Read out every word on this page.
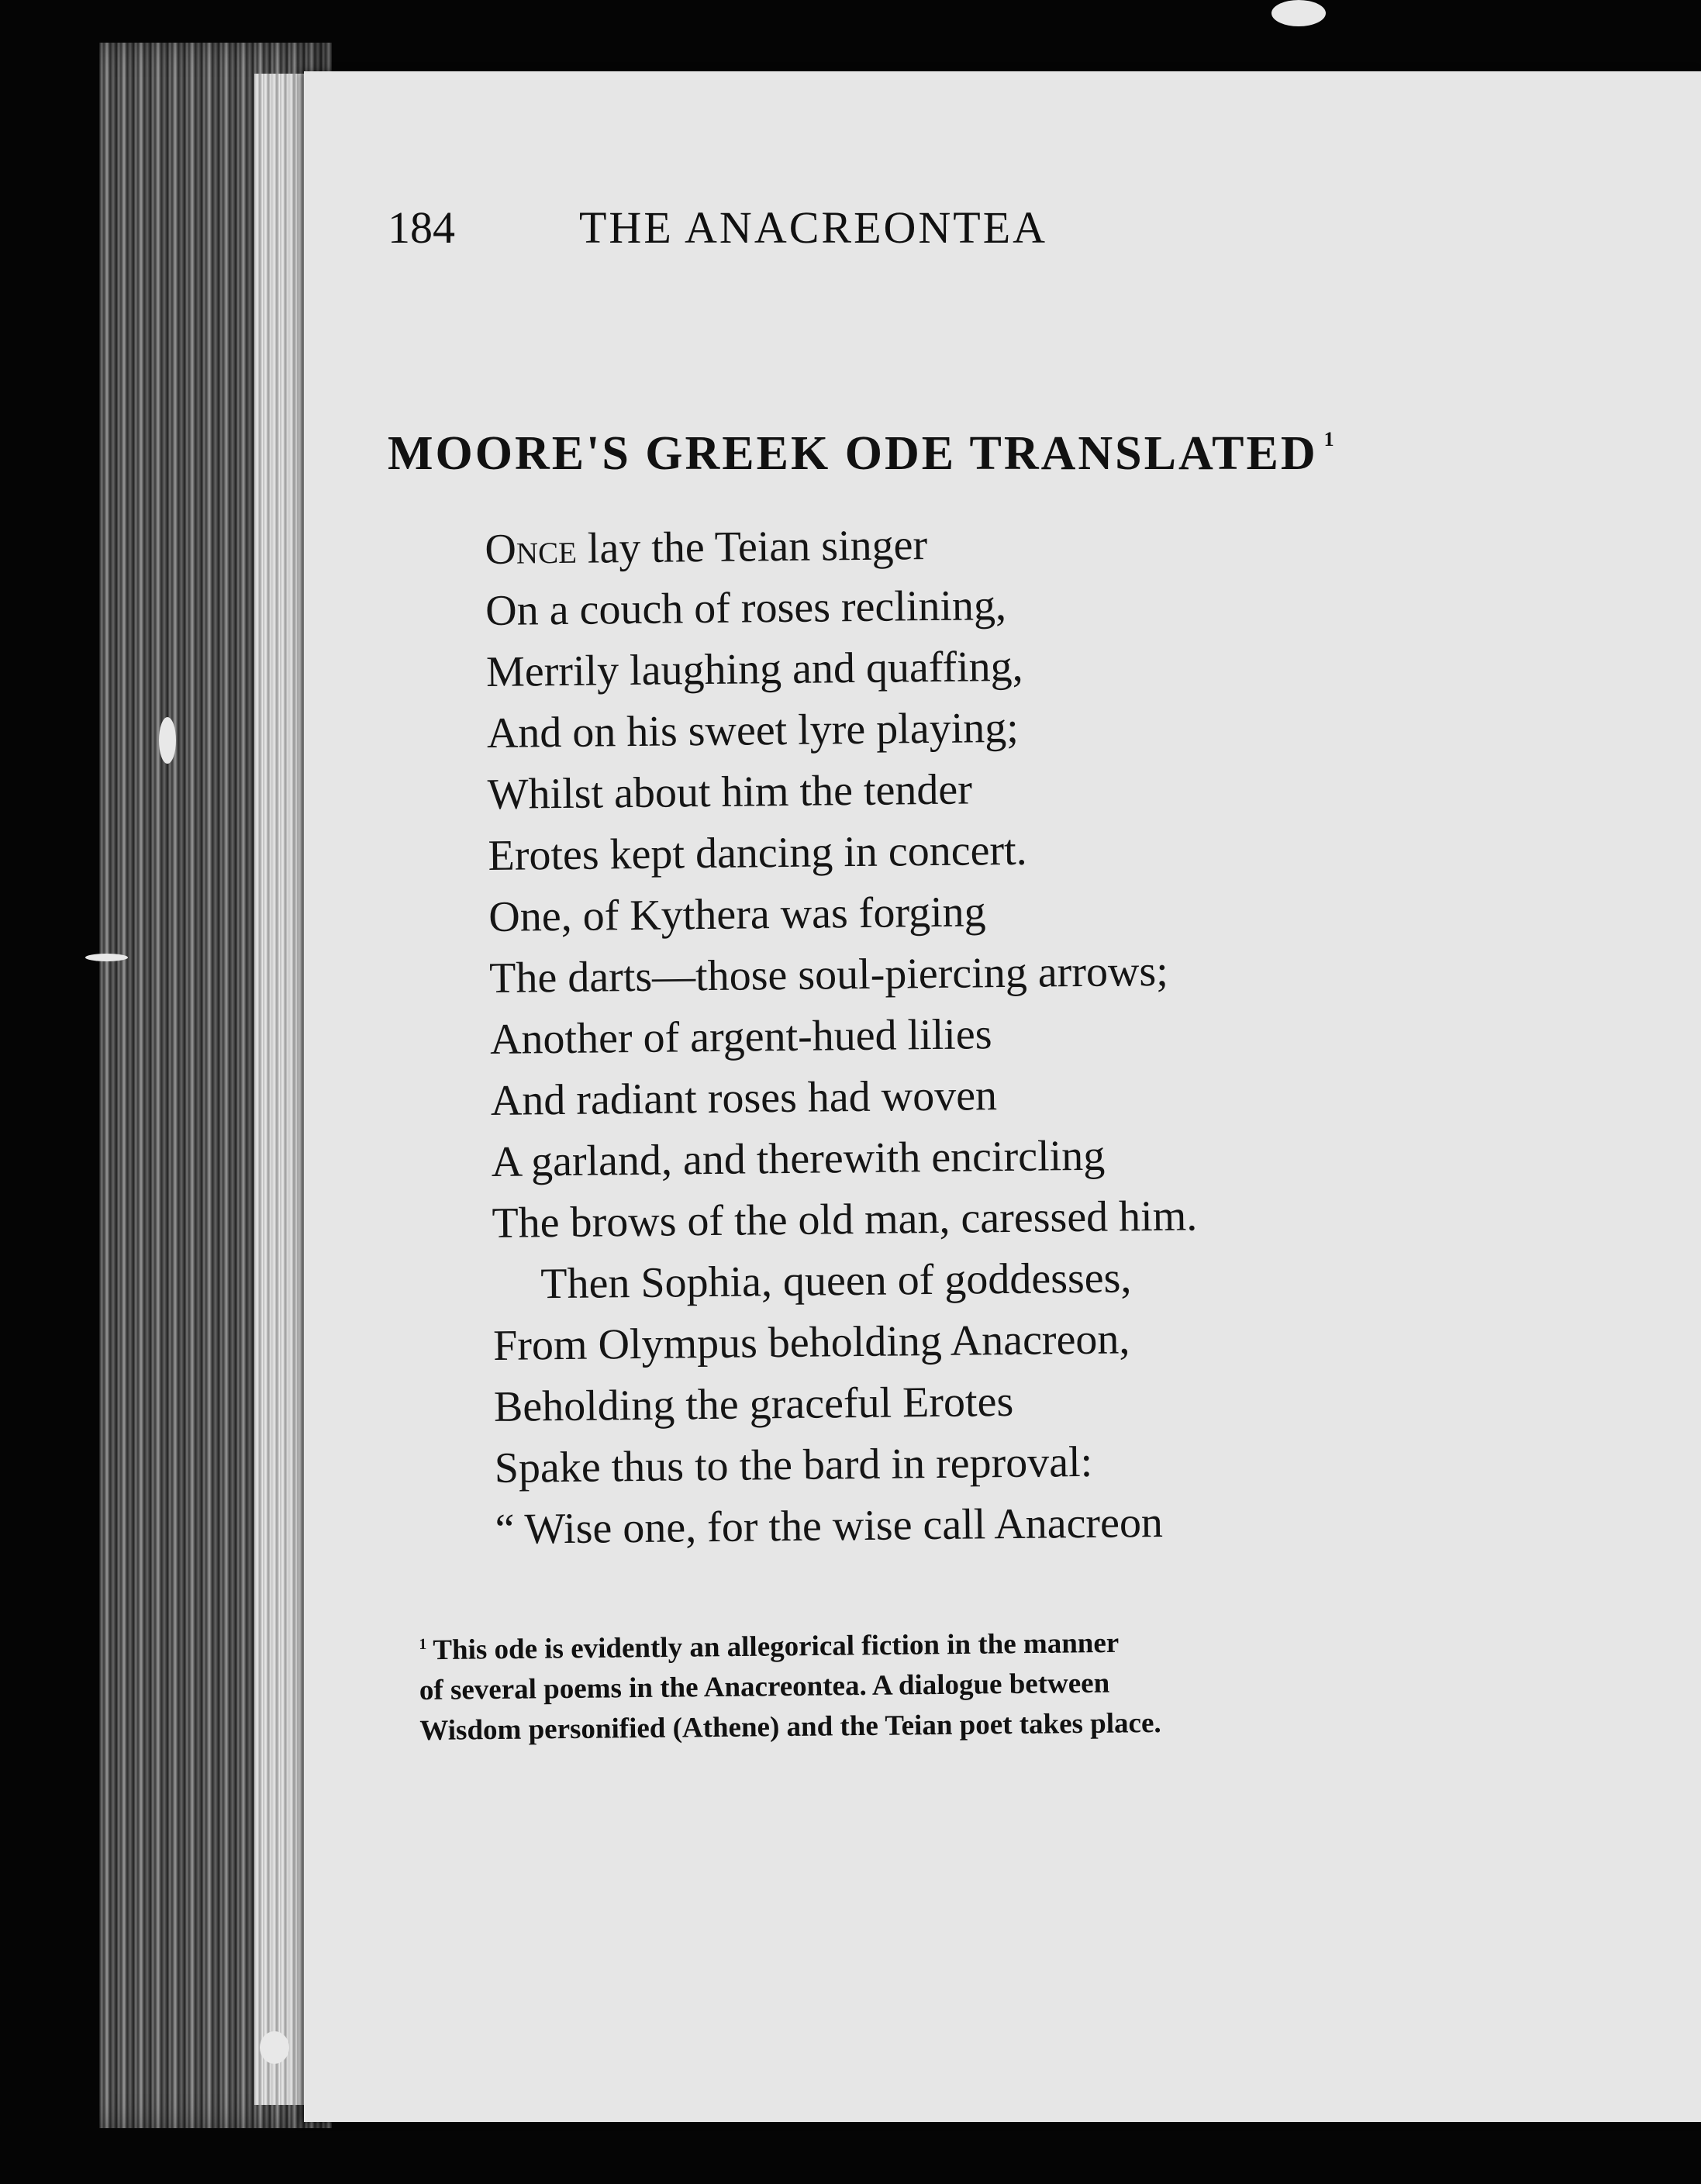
184	THE ANACREONTEA
MOORE'S GREEK ODE TRANSLATED $^1$
Once lay the Teian singer
On a couch of roses reclining,
Merrily laughing and quaffing,
And on his sweet lyre playing;
Whilst about him the tender
Erotes kept dancing in concert.
One, of Kythera was forging
The darts—those soul-piercing arrows;
Another of argent-hued lilies
And radiant roses had woven
A garland, and therewith encircling
The brows of the old man, caressed him.
Then Sophia, queen of goddesses,
From Olympus beholding Anacreon,
Beholding the graceful Erotes
Spake thus to the bard in reproval:
“ Wise one, for the wise call Anacreon
$^1$ This ode is evidently an allegorical fiction in the manner
of several poems in the Anacreontea. A dialogue between
Wisdom personified (Athene) and the Teian poet takes place.
